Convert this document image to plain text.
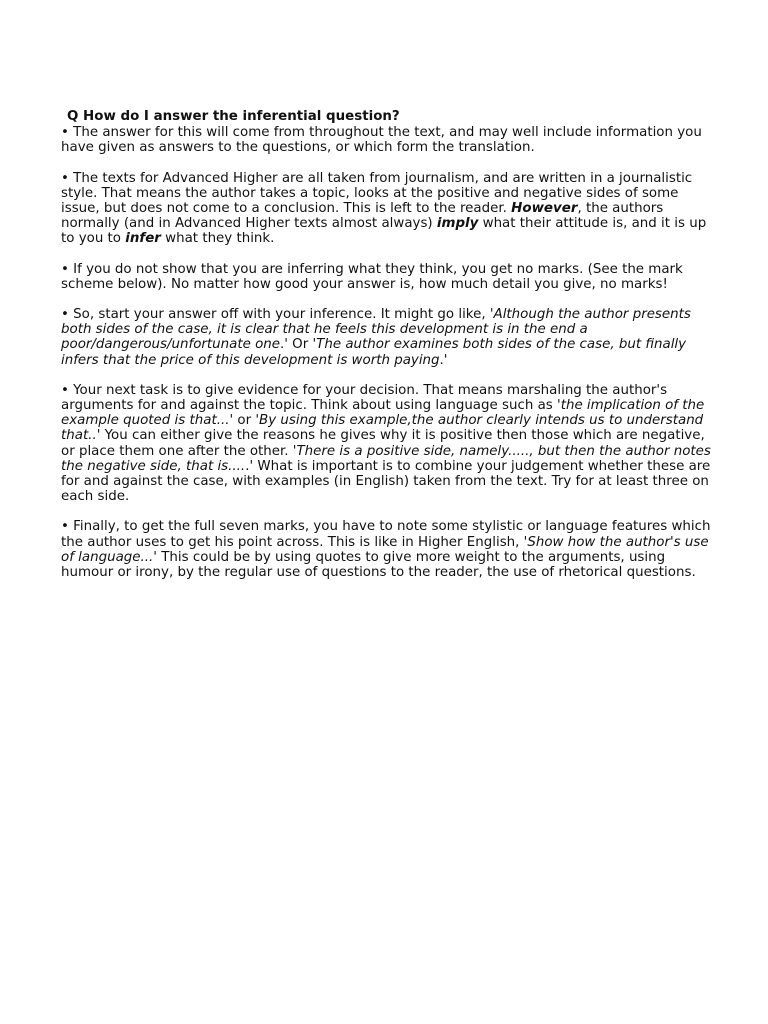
Q How do I answer the inferential question?

• The answer for this will come from throughout the text, and may well include information you have given as answers to the questions, or which form the translation.

• The texts for Advanced Higher are all taken from journalism, and are written in a journalistic style. That means the author takes a topic, looks at the positive and negative sides of some issue, but does not come to a conclusion. This is left to the reader. However, the authors normally (and in Advanced Higher texts almost always) imply what their attitude is, and it is up to you to infer what they think.

• If you do not show that you are inferring what they think, you get no marks. (See the mark scheme below). No matter how good your answer is, how much detail you give, no marks!

• So, start your answer off with your inference. It might go like, 'Although the author presents both sides of the case, it is clear that he feels this development is in the end a poor/dangerous/unfortunate one.' Or 'The author examines both sides of the case, but finally infers that the price of this development is worth paying.'

• Your next task is to give evidence for your decision. That means marshaling the author's arguments for and against the topic. Think about using language such as 'the implication of the example quoted is that...' or 'By using this example,the author clearly intends us to understand that..' You can either give the reasons he gives why it is positive then those which are negative, or place them one after the other. 'There is a positive side, namely....., but then the author notes the negative side, that is.....' What is important is to combine your judgement whether these are for and against the case, with examples (in English) taken from the text. Try for at least three on each side.

• Finally, to get the full seven marks, you have to note some stylistic or language features which the author uses to get his point across. This is like in Higher English, 'Show how the author's use of language...' This could be by using quotes to give more weight to the arguments, using humour or irony, by the regular use of questions to the reader, the use of rhetorical questions.
